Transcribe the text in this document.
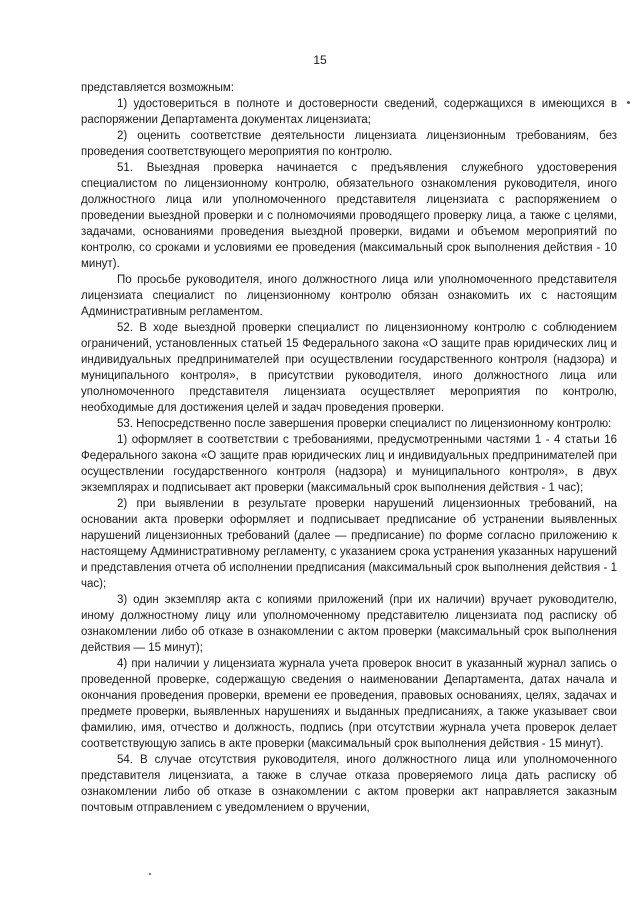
15

представляется возможным:

1) удостовериться в полноте и достоверности сведений, содержащихся в имеющихся в распоряжении Департамента документах лицензиата;

2) оценить соответствие деятельности лицензиата лицензионным требованиям, без проведения соответствующего мероприятия по контролю.

51. Выездная проверка начинается с предъявления служебного удостоверения специалистом по лицензионному контролю, обязательного ознакомления руководителя, иного должностного лица или уполномоченного представителя лицензиата с распоряжением о проведении выездной проверки и с полномочиями проводящего проверку лица, а также с целями, задачами, основаниями проведения выездной проверки, видами и объемом мероприятий по контролю, со сроками и условиями ее проведения (максимальный срок выполнения действия - 10 минут).

По просьбе руководителя, иного должностного лица или уполномоченного представителя лицензиата специалист по лицензионному контролю обязан ознакомить их с настоящим Административным регламентом.

52. В ходе выездной проверки специалист по лицензионному контролю с соблюдением ограничений, установленных статьей 15 Федерального закона «О защите прав юридических лиц и индивидуальных предпринимателей при осуществлении государственного контроля (надзора) и муниципального контроля», в присутствии руководителя, иного должностного лица или уполномоченного представителя лицензиата осуществляет мероприятия по контролю, необходимые для достижения целей и задач проведения проверки.

53. Непосредственно после завершения проверки специалист по лицензионному контролю:

1) оформляет в соответствии с требованиями, предусмотренными частями 1 - 4 статьи 16 Федерального закона «О защите прав юридических лиц и индивидуальных предпринимателей при осуществлении государственного контроля (надзора) и муниципального контроля», в двух экземплярах и подписывает акт проверки (максимальный срок выполнения действия - 1 час);

2) при выявлении в результате проверки нарушений лицензионных требований, на основании акта проверки оформляет и подписывает предписание об устранении выявленных нарушений лицензионных требований (далее — предписание) по форме согласно приложению к настоящему Административному регламенту, с указанием срока устранения указанных нарушений и представления отчета об исполнении предписания (максимальный срок выполнения действия - 1 час);

3) один экземпляр акта с копиями приложений (при их наличии) вручает руководителю, иному должностному лицу или уполномоченному представителю лицензиата под расписку об ознакомлении либо об отказе в ознакомлении с актом проверки (максимальный срок выполнения действия — 15 минут);

4) при наличии у лицензиата журнала учета проверок вносит в указанный журнал запись о проведенной проверке, содержащую сведения о наименовании Департамента, датах начала и окончания проведения проверки, времени ее проведения, правовых основаниях, целях, задачах и предмете проверки, выявленных нарушениях и выданных предписаниях, а также указывает свои фамилию, имя, отчество и должность, подпись (при отсутствии журнала учета проверок делает соответствующую запись в акте проверки (максимальный срок выполнения действия - 15 минут).

54. В случае отсутствия руководителя, иного должностного лица или уполномоченного представителя лицензиата, а также в случае отказа проверяемого лица дать расписку об ознакомлении либо об отказе в ознакомлении с актом проверки акт направляется заказным почтовым отправлением с уведомлением о вручении,
